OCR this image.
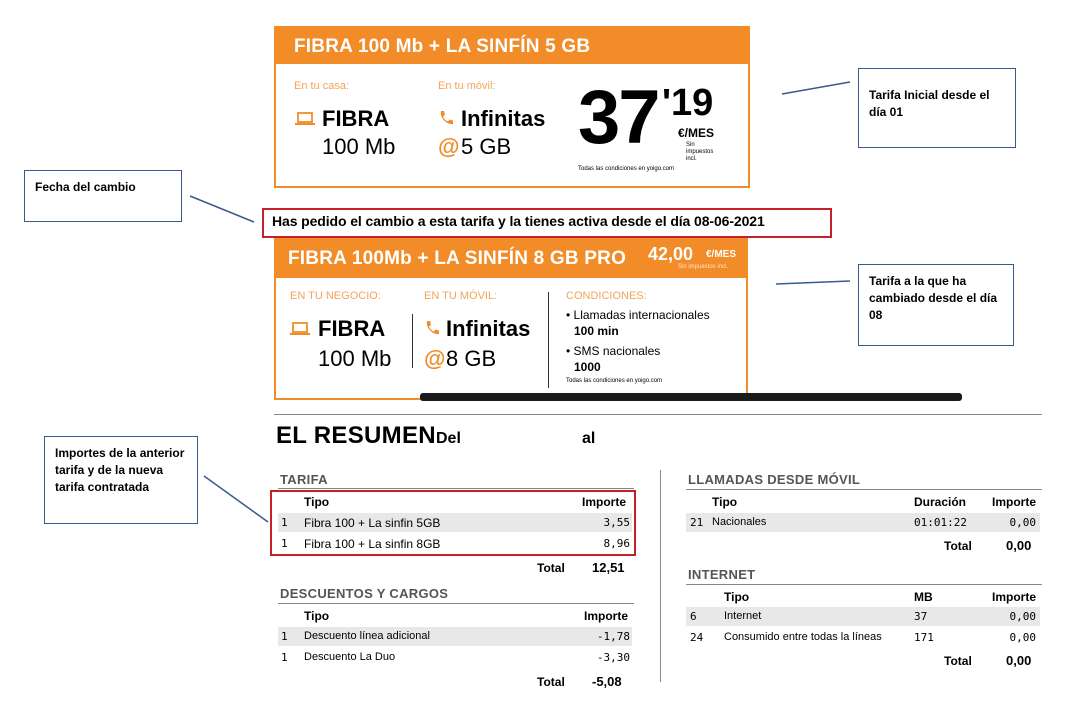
FIBRA 100 Mb + LA SINFÍN 5 GB
En tu casa:	En tu móvil:
FIBRA
100 Mb
Infinitas
@ 5 GB 37 '19
€/MES
Sin impuestos incl.
Todas las condiciones en yoigo.com
Has pedido el cambio a esta tarifa y la tienes activa desde el día 08-06-2021
FIBRA 100Mb + LA SINFÍN 8 GB PRO 42,00 €/MES
Sin impuestos incl.
EN TU NEGOCIO:	EN TU MÓVIL:	CONDICIONES:
FIBRA
100 Mb
Infinitas
@ 8 GB
• Llamadas internacionales
100 min
• SMS nacionales
1000
Todas las condiciones en yoigo.com
Fecha del cambio
Tarifa Inicial desde el día 01
Tarifa a la que ha cambiado desde el día 08
Importes de la anterior tarifa y de la nueva tarifa contratada
EL RESUMEN Del	al
TARIFA
Tipo	Importe
1 Fibra 100 + La sinfin 5GB	3,55
1 Fibra 100 + La sinfin 8GB	8,96
Total 12,51
DESCUENTOS Y CARGOS
Tipo	Importe
1 Descuento línea adicional	-1,78
1 Descuento La Duo	-3,30
Total -5,08
LLAMADAS DESDE MÓVIL
Tipo	Duración Importe
21 Nacionales	01:01:22	0,00
Total	0,00
INTERNET
Tipo	MB	Importe
6 Internet	37	0,00
24 Consumido entre todas la líneas	171	0,00
Total	0,00
